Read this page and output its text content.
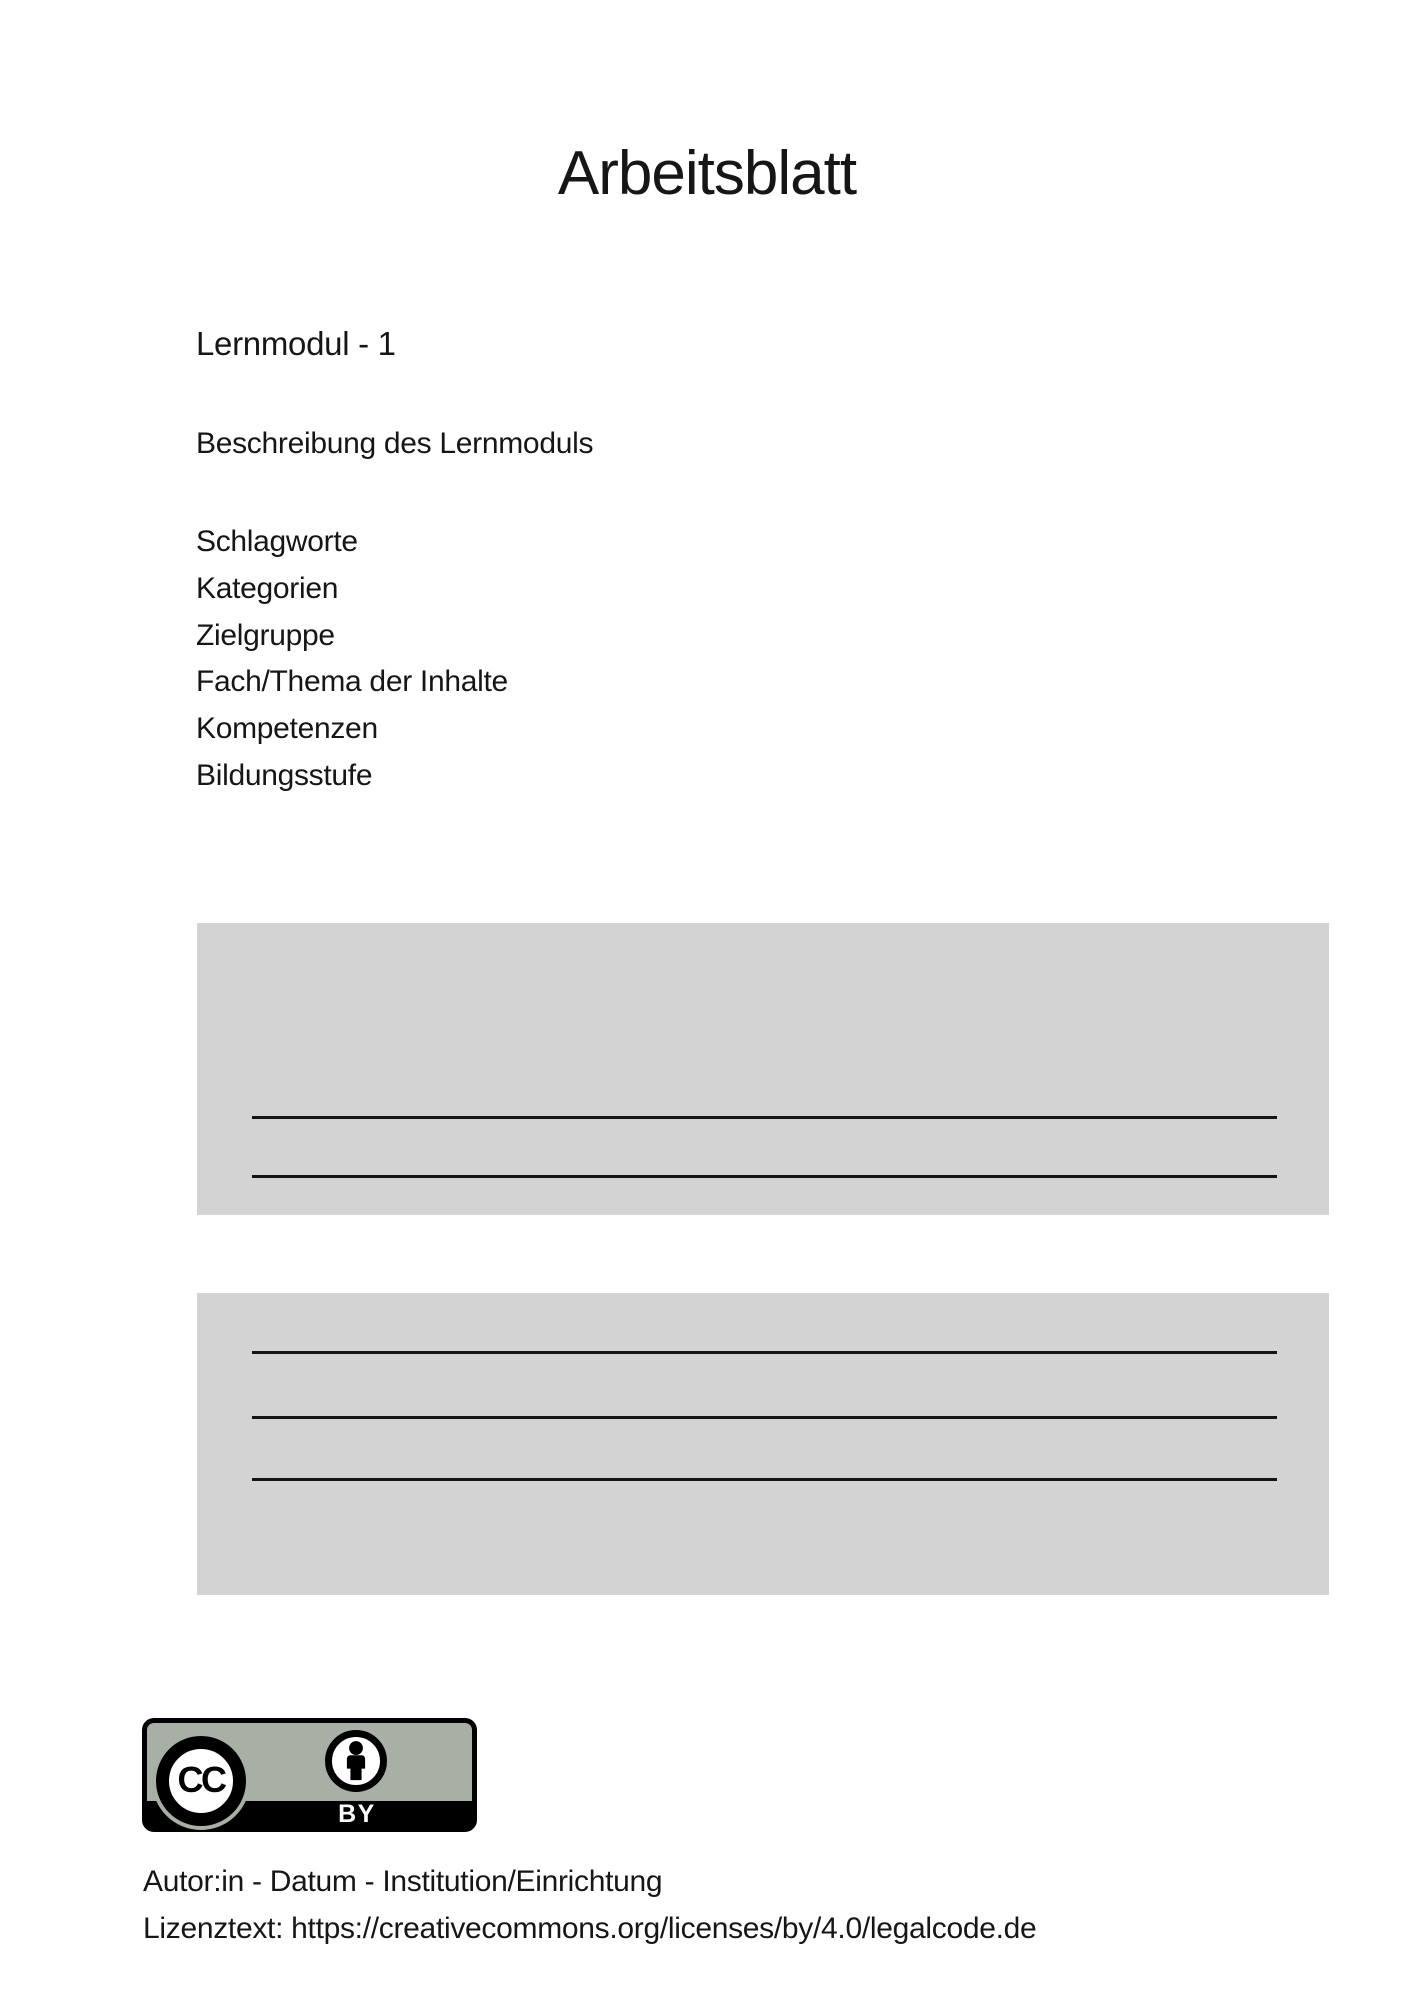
Arbeitsblatt
Lernmodul - 1

Beschreibung des Lernmoduls

Schlagworte
Kategorien
Zielgruppe
Fach/Thema der Inhalte
Kompetenzen
Bildungsstufe
BY
CC
Autor:in - Datum - Institution/Einrichtung
Lizenztext: https://creativecommons.org/licenses/by/4.0/legalcode.de
